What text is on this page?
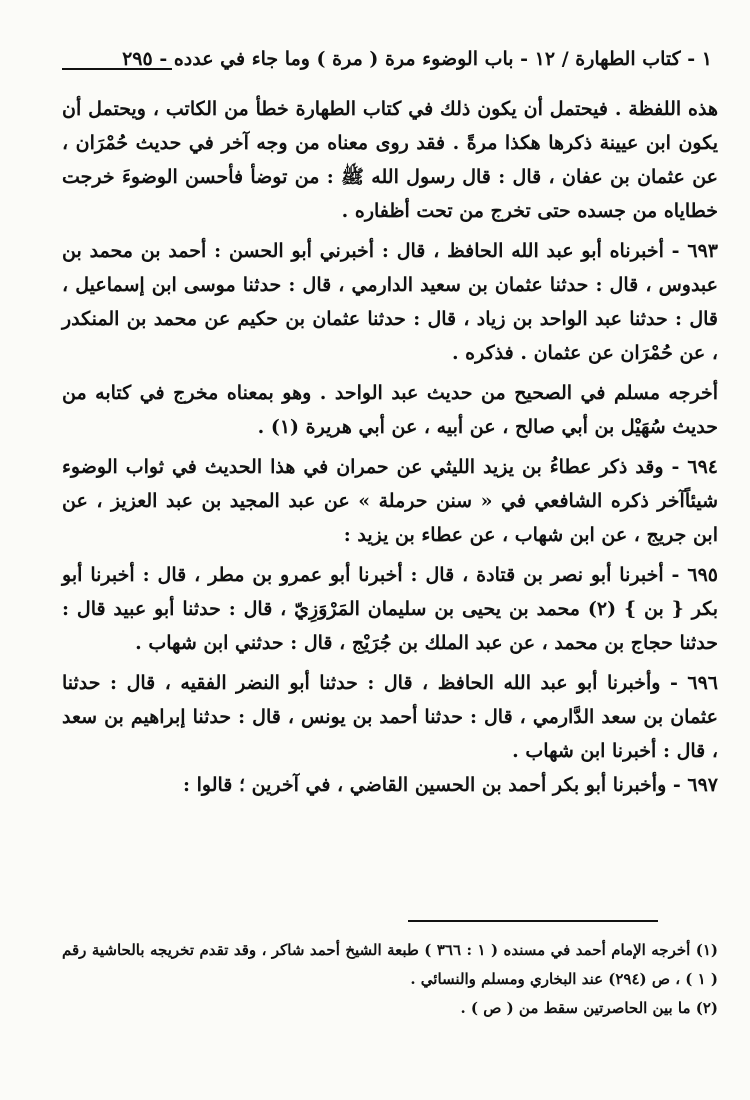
١ - كتاب الطهارة / ١٢ - باب الوضوء مرة ( مرة ) وما جاء في عدده - ٢٩٥

هذه اللفظة . فيحتمل أن يكون ذلك في كتاب الطهارة خطأ من الكاتب ، ويحتمل أن يكون ابن عيينة ذكرها هكذا مرةً . فقد روى معناه من وجه آخر في حديث حُمْرَان ، عن عثمان بن عفان ، قال : قال رسول الله ﷺ : من توضأ فأحسن الوضوءَ خرجت خطاياه من جسده حتى تخرج من تحت أظفاره .

٦٩٣ - أخبرناه أبو عبد الله الحافظ ، قال : أخبرني أبو الحسن : أحمد بن محمد بن عبدوس ، قال : حدثنا عثمان بن سعيد الدارمي ، قال : حدثنا موسى ابن إسماعيل ، قال : حدثنا عبد الواحد بن زياد ، قال : حدثنا عثمان بن حكيم عن محمد بن المنكدر ، عن حُمْرَان عن عثمان . فذكره .

أخرجه مسلم في الصحيح من حديث عبد الواحد . وهو بمعناه مخرج في كتابه من حديث سُهَيْل بن أبي صالح ، عن أبيه ، عن أبي هريرة (١) .

٦٩٤ - وقد ذكر عطاءُ بن يزيد الليثي عن حمران في هذا الحديث في ثواب الوضوء شيئاًآخر ذكره الشافعي في « سنن حرملة » عن عبد المجيد بن عبد العزيز ، عن ابن جريج ، عن ابن شهاب ، عن عطاء بن يزيد :

٦٩٥ - أخبرنا أبو نصر بن قتادة ، قال : أخبرنا أبو عمرو بن مطر ، قال : أخبرنا أبو بكر { بن } (٢) محمد بن يحيى بن سليمان المَرْوَزِيّ ، قال : حدثنا أبو عبيد قال : حدثنا حجاج بن محمد ، عن عبد الملك بن جُرَيْج ، قال : حدثني ابن شهاب .

٦٩٦ - وأخبرنا أبو عبد الله الحافظ ، قال : حدثنا أبو النضر الفقيه ، قال : حدثنا عثمان بن سعد الدَّارمي ، قال : حدثنا أحمد بن يونس ، قال : حدثنا إبراهيم بن سعد ، قال : أخبرنا ابن شهاب .

٦٩٧ - وأخبرنا أبو بكر أحمد بن الحسين القاضي ، في آخرين ؛ قالوا :

(١) أخرجه الإمام أحمد في مسنده ( ١ : ٣٦٦ ) طبعة الشيخ أحمد شاكر ، وقد تقدم تخريجه بالحاشية رقم ( ١ ) ، ص (٢٩٤) عند البخاري ومسلم والنسائي .

(٢) ما بين الحاصرتين سقط من ( ص ) .
